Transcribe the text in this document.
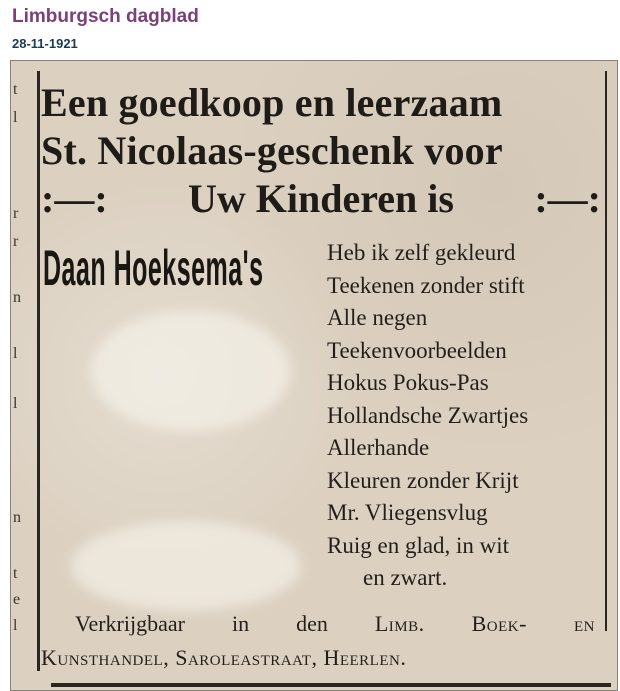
Limburgsch dagblad
28-11-1921
t
l
r
r
n
l
l
n
t
e
l

Een goedkoop en leerzaam

St. Nicolaas-geschenk voor

:—: Uw Kinderen is :—:

Daan Hoeksema's	Heb ik zelf gekleurd
Teekenen zonder stift
Alle negen
Teekenvoorbeelden
Hokus Pokus-Pas
Hollandsche Zwartjes
Allerhande
Kleuren zonder Krijt
Mr. Vliegensvlug
Ruig en glad, in wit
en zwart.

Verkrijgbaar in den Limb. Boek- en

Kunsthandel, Saroleastraat, Heerlen.
